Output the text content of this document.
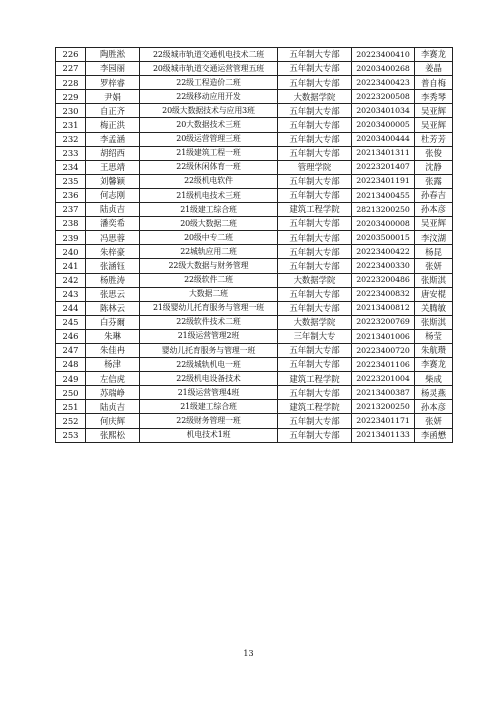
226	陶胜淞	22级城市轨道交通机电技术二班	五年制大专部	20223400410	李赛龙
227	李园丽	20级城市轨道交通运营管理五班	五年制大专部	20203400268	姜晶
228	罗梓睿	22级工程造价二班	五年制大专部	20223400423	普自梅
229	尹娟	22级移动应用开发	大数据学院	20223200508	李秀琴
230	自正齐	20级大数据技术与应用3班	五年制大专部	20203401034	吴亚辉
231	梅正洪	20大数据技术三班	五年制大专部	20203400005	吴亚辉
232	李孟涵	20级运营管理三班	五年制大专部	20203400444	杜芳芳
233	胡绍西	21级建筑工程一班	五年制大专部	20213401311	张俊
234	王思靖	22级休闲体育一班	管理学院	20223201407	沈静
235	刘馨颖	22级机电软件	五年制大专部	20223401191	张露
236	何志刚	21级机电技术三班	五年制大专部	20213400455	孙春吉
237	陆贞吉	21级建工综合班	建筑工程学院	28213200250	孙本彦
238	潘奕希	20级大数据二班	五年制大专部	20203400008	吴亚辉
239	冯思蓉	20级中专二班	五年制大专部	20203500015	李汶湖
240	朱梓豪	22城轨应用二班	五年制大专部	20223400422	杨昆
241	张涵钰	22级大数据与财务管理	五年制大专部	20223400330	张妍
242	杨胜涛	22级软件二班	大数据学院	20223200486	张斯淇
243	张思云	大数据二班	五年制大专部	20223400832	唐安棍
244	陈林云	21级婴幼儿托育服务与管理一班	五年制大专部	20213400812	关腾敏
245	白芬爾	22级软件技术二班	大数据学院	20223200769	张斯淇
246	朱琳	21级运营管理2班	三年制大专	20213401006	杨莹
247	朱佳冉	婴幼儿托育服务与管理一班	五年制大专部	20223400720	朱航瓒
248	杨津	22级城轨机电一班	五年制大专部	20223401106	李赛龙
249	左信虎	22级机电设备技术	建筑工程学院	20223201004	柴成
250	苏瑞峥	21级运营管理4班	五年制大专部	20213400387	杨灵燕
251	陆贞吉	21级建工综合班	建筑工程学院	20213200250	孙本彦
252	何庆辉	22级财务管理一班	五年制大专部	20223401171	张妍
253	张熙松	机电技术1班	五年制大专部	20213401133	李函懋
13
